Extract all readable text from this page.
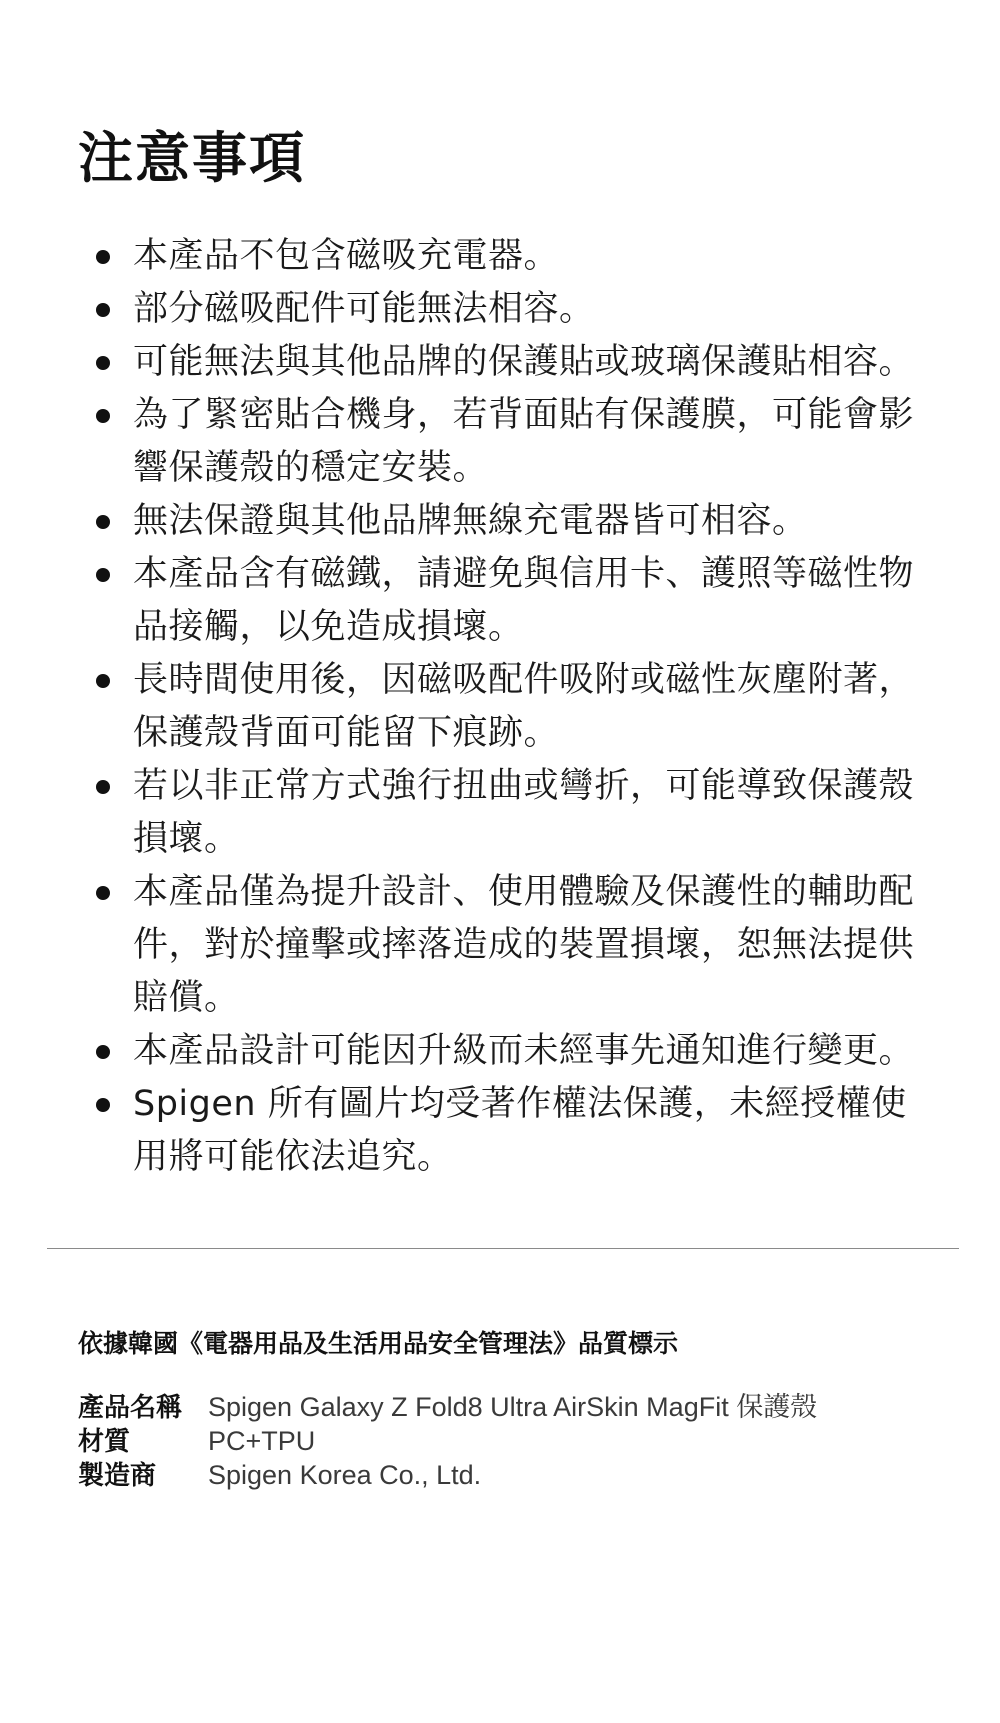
注意事項
本產品不包含磁吸充電器。
部分磁吸配件可能無法相容。
可能無法與其他品牌的保護貼或玻璃保護貼相容。
為了緊密貼合機身，若背面貼有保護膜，可能會影響保護殼的穩定安裝。
無法保證與其他品牌無線充電器皆可相容。
本產品含有磁鐵，請避免與信用卡、護照等磁性物品接觸，以免造成損壞。
長時間使用後，因磁吸配件吸附或磁性灰塵附著，保護殼背面可能留下痕跡。
若以非正常方式強行扭曲或彎折，可能導致保護殼損壞。
本產品僅為提升設計、使用體驗及保護性的輔助配件，對於撞擊或摔落造成的裝置損壞，恕無法提供賠償。
本產品設計可能因升級而未經事先通知進行變更。
Spigen 所有圖片均受著作權法保護，未經授權使用將可能依法追究。
依據韓國《電器用品及生活用品安全管理法》品質標示
產品名稱 Spigen Galaxy Z Fold8 Ultra AirSkin MagFit 保護殼
材質	PC+TPU
製造商	Spigen Korea Co., Ltd.
